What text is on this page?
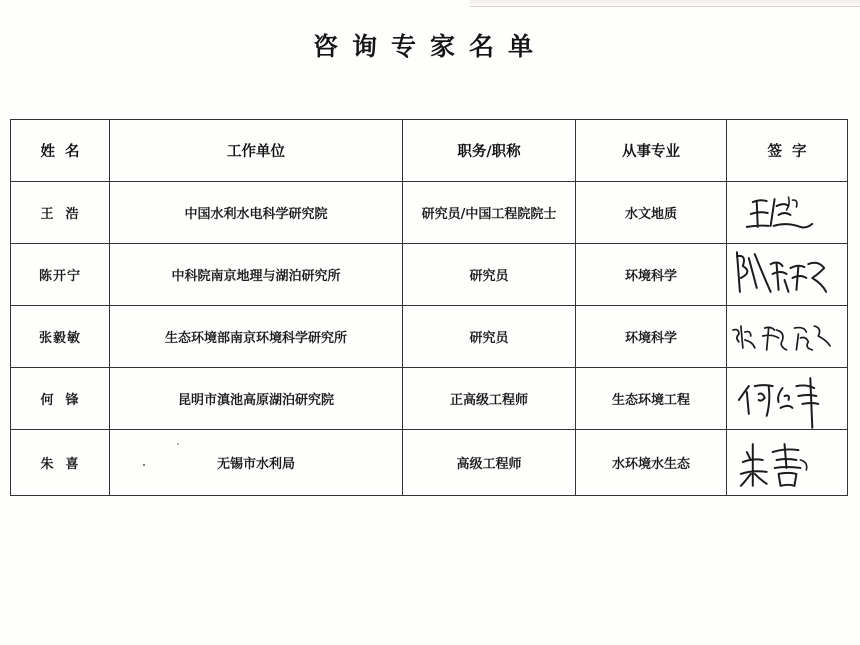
咨询专家名单
姓  名	工作单位	职务/职称	从事专业	签  字
王  浩	中国水利水电科学研究院	研究员/中国工程院院士	水文地质	

陈开宁	中科院南京地理与湖泊研究所	研究员	环境科学	

张毅敏	生态环境部南京环境科学研究所	研究员	环境科学	

何  锋	昆明市滇池高原湖泊研究院	正高级工程师	生态环境工程	

朱  喜	无锡市水利局	高级工程师	水环境水生态	
